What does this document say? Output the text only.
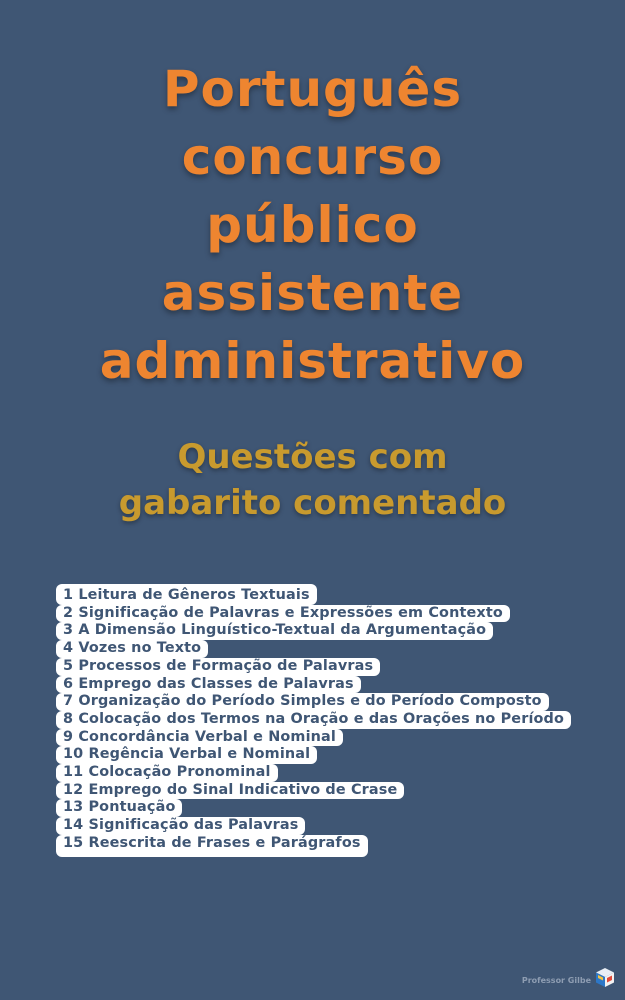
Português
concurso
público
assistente
administrativo
Questões com
gabarito comentado
1 Leitura de Gêneros Textuais
2 Significação de Palavras e Expressões em Contexto
3 A Dimensão Linguístico-Textual da Argumentação
4 Vozes no Texto
5 Processos de Formação de Palavras
6 Emprego das Classes de Palavras
7 Organização do Período Simples e do Período Composto
8 Colocação dos Termos na Oração e das Orações no Período
9 Concordância Verbal e Nominal
10 Regência Verbal e Nominal
11 Colocação Pronominal
12 Emprego do Sinal Indicativo de Crase
13 Pontuação
14 Significação das Palavras
15 Reescrita de Frases e Parágrafos
Professor Gilbe
